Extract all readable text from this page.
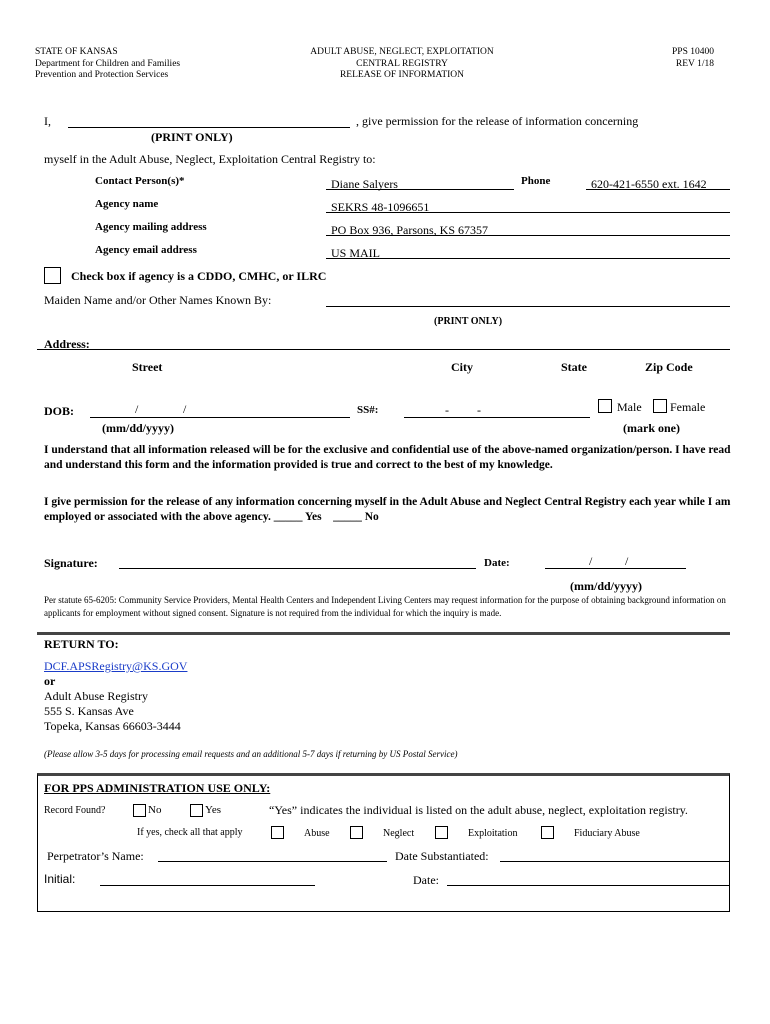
STATE OF KANSAS
Department for Children and Families
Prevention and Protection Services
ADULT ABUSE, NEGLECT, EXPLOITATION
CENTRAL REGISTRY
RELEASE OF INFORMATION
PPS 10400
REV 1/18
I,	, give permission for the release of information concerning
(PRINT ONLY)
myself in the Adult Abuse, Neglect, Exploitation Central Registry to:
Contact Person(s)*	Diane Salyers	Phone	620-421-6550 ext. 1642
Agency name	SEKRS 48-1096651
Agency mailing address	PO Box 936, Parsons, KS 67357
Agency email address	US MAIL
Check box if agency is a CDDO, CMHC, or ILRC
Maiden Name and/or Other Names Known By:
(PRINT ONLY)
Address:
Street	City	State	Zip Code
DOB:	/	/
(mm/dd/yyyy)
SS#:	- -	Male Female
(mark one)
I understand that all information released will be for the exclusive and confidential use of the above-named organization/person. I have read and understand this form and the information provided is true and correct to the best of my knowledge.
I give permission for the release of any information concerning myself in the Adult Abuse and Neglect Central Registry each year while I am employed or associated with the above agency. _____ Yes _____ No
Signature:	Date:	/	/
(mm/dd/yyyy)
Per statute 65-6205: Community Service Providers, Mental Health Centers and Independent Living Centers may request information for the purpose of obtaining background information on applicants for employment without signed consent. Signature is not required from the individual for which the inquiry is made.
RETURN TO:
DCF.APSRegistry@KS.GOV
or
Adult Abuse Registry
555 S. Kansas Ave
Topeka, Kansas 66603-3444
(Please allow 3-5 days for processing email requests and an additional 5-7 days if returning by US Postal Service)
FOR PPS ADMINISTRATION USE ONLY:
Record Found?	No	Yes	“Yes” indicates the individual is listed on the adult abuse, neglect, exploitation registry.
If yes, check all that apply	Abuse	Neglect	Exploitation	Fiduciary Abuse
Perpetrator’s Name:	Date Substantiated:
Initial:	Date:
